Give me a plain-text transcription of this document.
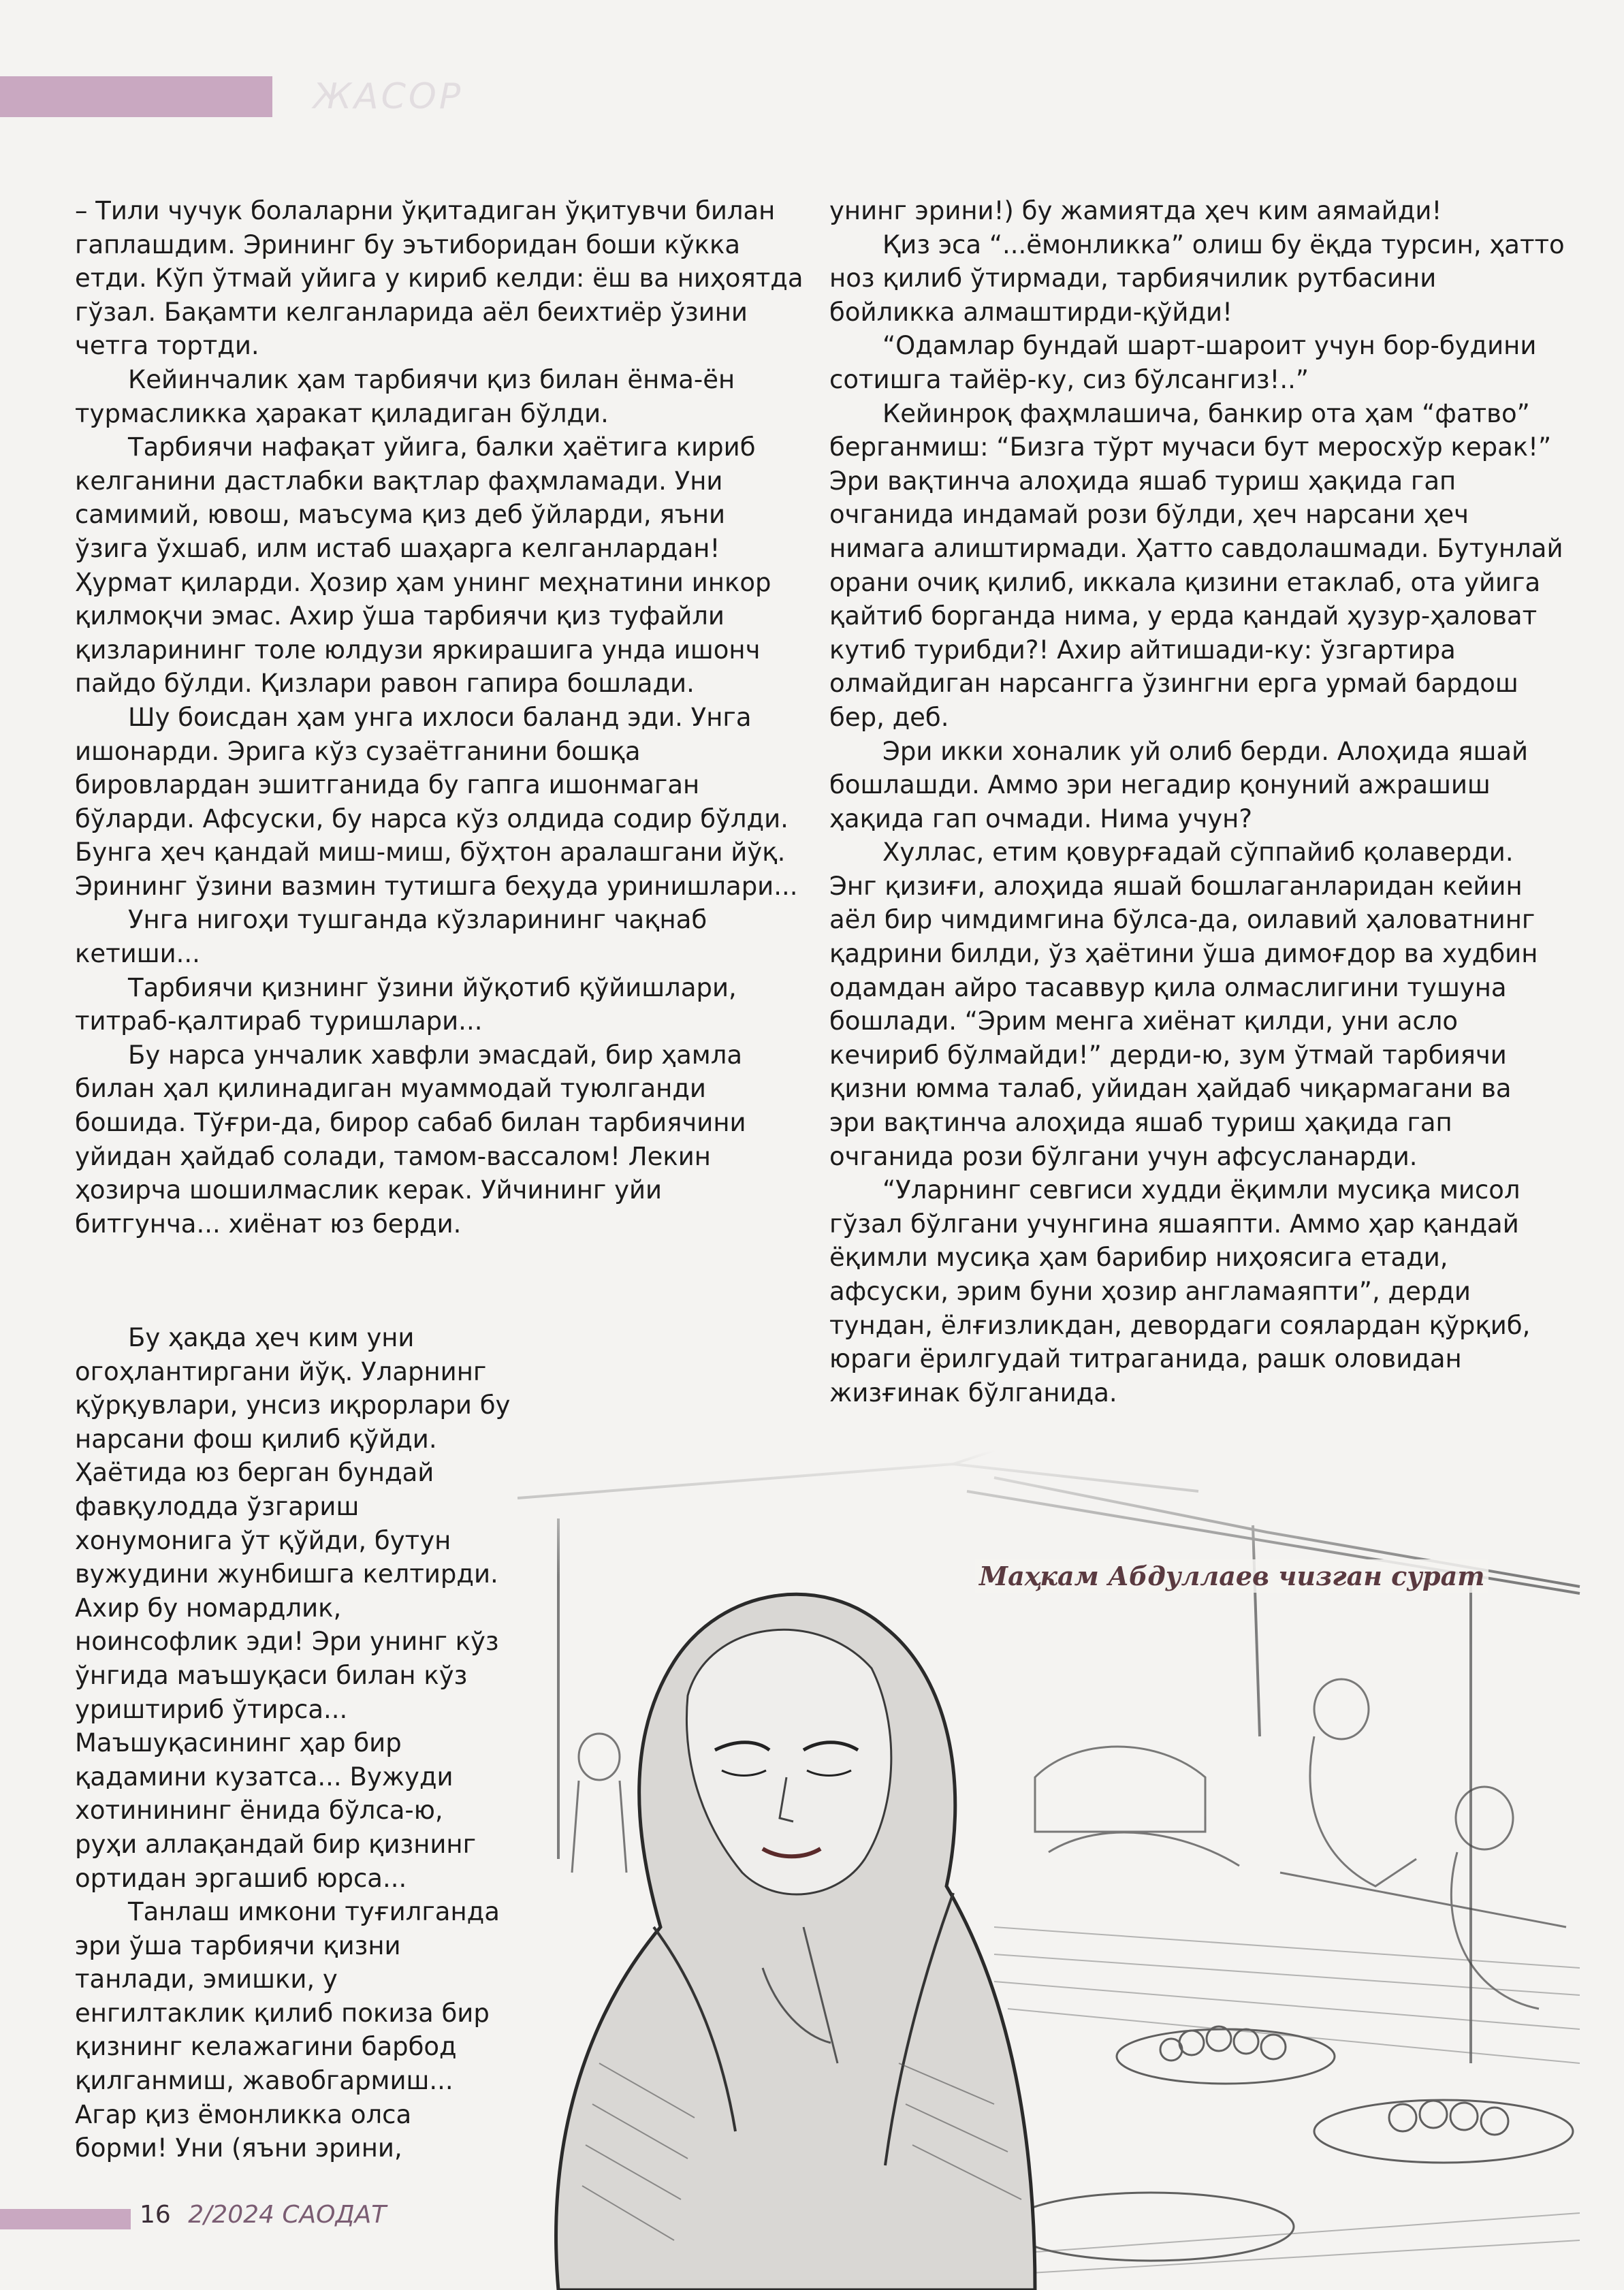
ЖАСОР

– Тили чучук болаларни ўқитадиган ўқитувчи билан гаплашдим. Эрининг бу эътиборидан боши кўкка етди. Кўп ўтмай уйига у кириб келди: ёш ва ниҳоятда гўзал. Бақамти келганларида аёл беихтиёр ўзини четга тортди.

Кейинчалик ҳам тарбиячи қиз билан ёнма-ён турмасликка ҳаракат қиладиган бўлди.

Тарбиячи нафақат уйига, балки ҳаётига кириб келганини дастлабки вақтлар фаҳмламади. Уни самимий, ювош, маъсума қиз деб ўйларди, яъни ўзига ўхшаб, илм истаб шаҳарга келганлардан! Ҳурмат қиларди. Ҳозир ҳам унинг меҳнатини инкор қилмоқчи эмас. Ахир ўша тарбиячи қиз туфайли қизларининг толе юлдузи яркирашига унда ишонч пайдо бўлди. Қизлари равон гапира бошлади.

Шу боисдан ҳам унга ихлоси баланд эди. Унга ишонарди. Эрига кўз сузаётганини бошқа бировлардан эшитганида бу гапга ишонмаган бўларди. Афсуски, бу нарса кўз олдида содир бўлди. Бунга ҳеч қандай миш-миш, бўҳтон аралашгани йўқ. Эрининг ўзини вазмин тутишга беҳуда уринишлари...

Унга нигоҳи тушганда кўзларининг чақнаб кетиши...

Тарбиячи қизнинг ўзини йўқотиб қўйишлари, титраб-қалтираб туришлари...

Бу нарса унчалик хавфли эмасдай, бир ҳамла билан ҳал қилинадиган муаммодай туюлганди бошида. Тўғри-да, бирор сабаб билан тарбиячини уйидан ҳайдаб солади, тамом-вассалом! Лекин ҳозирча шошилмаслик керак. Уйчининг уйи битгунча... хиёнат юз берди.

Бу ҳақда ҳеч ким уни огоҳлантиргани йўқ. Уларнинг қўрқувлари, унсиз иқрорлари бу нарсани фош қилиб қўйди. Ҳаётида юз берган бундай фавқулодда ўзгариш хонумонига ўт қўйди, бутун вужудини жунбишга келтирди. Ахир бу номардлик, ноинсофлик эди! Эри унинг кўз ўнгида маъшуқаси билан кўз уриштириб ўтирса... Маъшуқасининг ҳар бир қадамини кузатса... Вужуди хотинининг ёнида бўлса-ю, руҳи аллақандай бир қизнинг ортидан эргашиб юрса...

Танлаш имкони туғилганда эри ўша тарбиячи қизни танлади, эмишки, у енгилтаклик қилиб покиза бир қизнинг келажагини барбод қилганмиш, жавобгармиш... Агар қиз ёмонликка олса борми! Уни (яъни эрини,

унинг эрини!) бу жамиятда ҳеч ким аямайди!

Қиз эса “...ёмонликка” олиш бу ёқда турсин, ҳатто ноз қилиб ўтирмади, тарбиячилик рутбасини бойликка алмаштирди-қўйди!

“Одамлар бундай шарт-шароит учун бор-будини сотишга тайёр-ку, сиз бўлсангиз!..”

Кейинроқ фаҳмлашича, банкир ота ҳам “фатво” берганмиш: “Бизга тўрт мучаси бут меросхўр керак!” Эри вақтинча алоҳида яшаб туриш ҳақида гап очганида индамай рози бўлди, ҳеч нарсани ҳеч нимага алиштирмади. Ҳатто савдолашмади. Бутунлай орани очиқ қилиб, иккала қизини етаклаб, ота уйига қайтиб борганда нима, у ерда қандай ҳузур-ҳаловат кутиб турибди?! Ахир айтишади-ку: ўзгартира олмайдиган нарсангга ўзингни ерга урмай бардош бер, деб.

Эри икки хоналик уй олиб берди. Алоҳида яшай бошлашди. Аммо эри негадир қонуний ажрашиш ҳақида гап очмади. Нима учун?

Хуллас, етим қовурғадай сўппайиб қолаверди. Энг қизиғи, алоҳида яшай бошлаганларидан кейин аёл бир чимдимгина бўлса-да, оилавий ҳаловатнинг қадрини билди, ўз ҳаётини ўша димоғдор ва худбин одамдан айро тасаввур қила олмаслигини тушуна бошлади. “Эрим менга хиёнат қилди, уни асло кечириб бўлмайди!” дерди-ю, зум ўтмай тарбиячи қизни юмма талаб, уйидан ҳайдаб чиқармагани ва эри вақтинча алоҳида яшаб туриш ҳақида гап очганида рози бўлгани учун афсусланарди.

“Уларнинг севгиси худди ёқимли мусиқа мисол гўзал бўлгани учунгина яшаяпти. Аммо ҳар қандай ёқимли мусиқа ҳам барибир ниҳоясига етади, афсуски, эрим буни ҳозир англамаяпти”, дерди тундан, ёлғизликдан, девордаги соялардан қўрқиб, юраги ёрилгудай титраганида, рашк оловидан жизғинак бўлганида.

Маҳкам Абдуллаев чизган сурат
16 2/2024 САОДАТ
